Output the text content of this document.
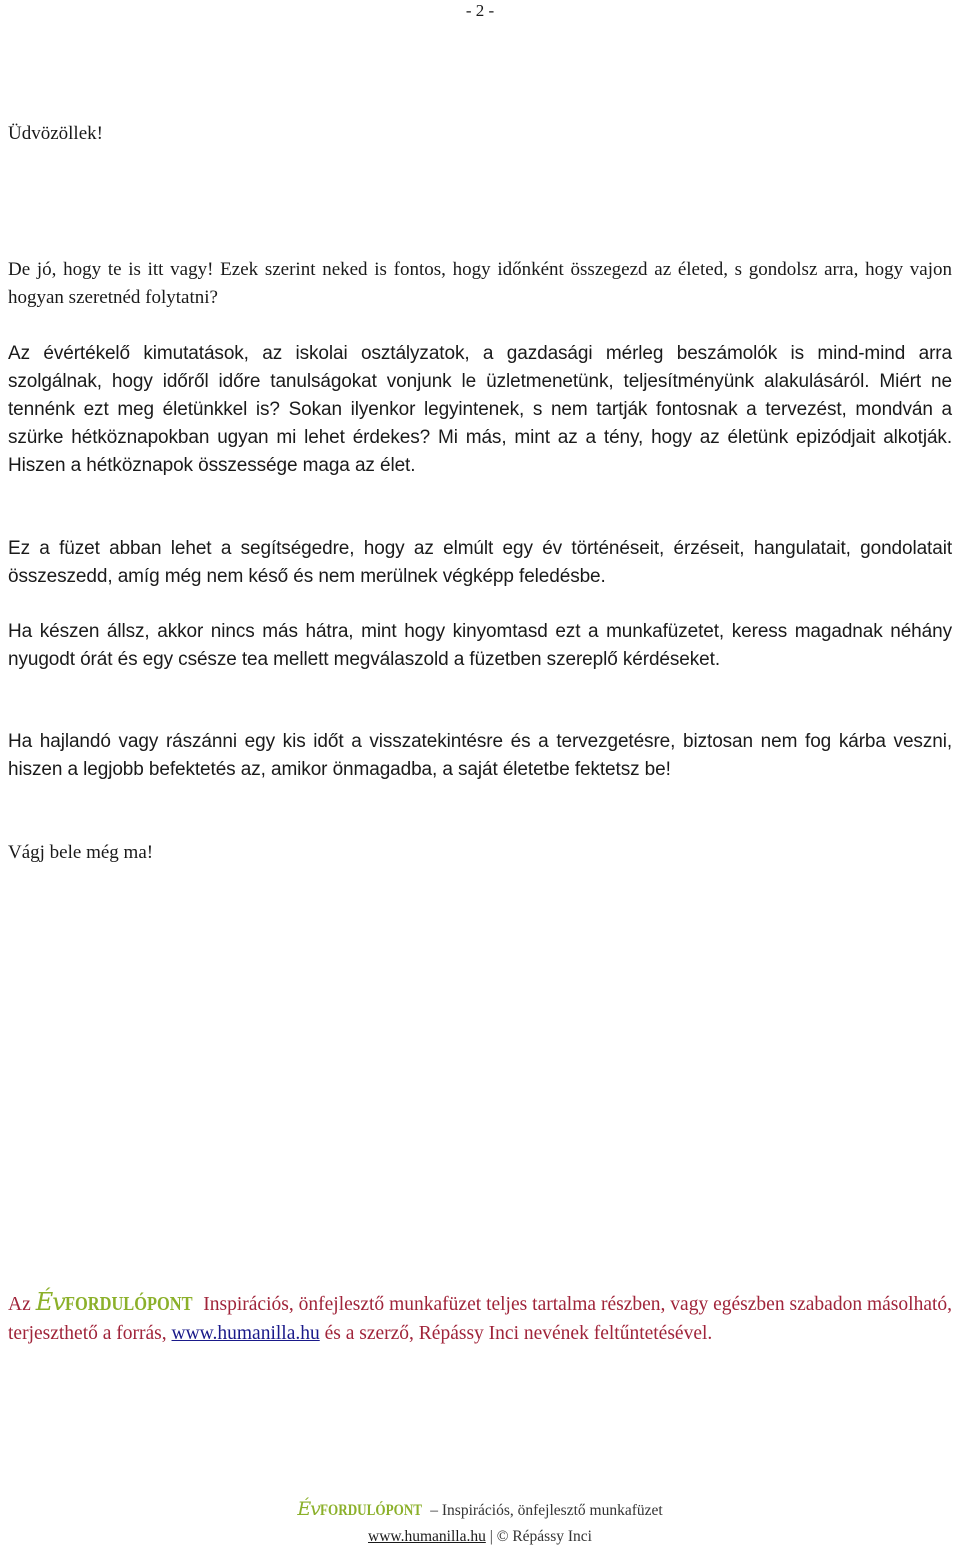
- 2 -

Üdvözöllek!

De jó, hogy te is itt vagy! Ezek szerint neked is fontos, hogy időnként összegezd az életed, s gondolsz arra, hogy vajon hogyan szeretnéd folytatni?

Az évértékelő kimutatások, az iskolai osztályzatok, a gazdasági mérleg beszámolók is mind-mind arra szolgálnak, hogy időről időre tanulságokat vonjunk le üzletmenetünk, teljesítményünk alakulásáról. Miért ne tennénk ezt meg életünkkel is? Sokan ilyenkor legyintenek, s nem tartják fontosnak a tervezést, mondván a szürke hétköznapokban ugyan mi lehet érdekes? Mi más, mint az a tény, hogy az életünk epizódjait alkotják. Hiszen a hétköznapok összessége maga az élet.

Ez a füzet abban lehet a segítségedre, hogy az elmúlt egy év történéseit, érzéseit, hangulatait, gondolatait összeszedd, amíg még nem késő és nem merülnek végképp feledésbe.

Ha készen állsz, akkor nincs más hátra, mint hogy kinyomtasd ezt a munkafüzetet, keress magadnak néhány nyugodt órát és egy csésze tea mellett megválaszold a füzetben szereplő kérdéseket.

Ha hajlandó vagy rászánni egy kis időt a visszatekintésre és a tervezgetésre, biztosan nem fog kárba veszni, hiszen a legjobb befektetés az, amikor önmagadba, a saját életetbe fektetsz be!

Vágj bele még ma!

Az ÉvFORDULÓPONT Inspirációs, önfejlesztő munkafüzet teljes tartalma részben, vagy egészben szabadon másolható, terjeszthető a forrás, www.humanilla.hu és a szerző, Répássy Inci nevének feltűntetésével.

ÉvFORDULÓPONT – Inspirációs, önfejlesztő munkafüzet
www.humanilla.hu | © Répássy Inci
